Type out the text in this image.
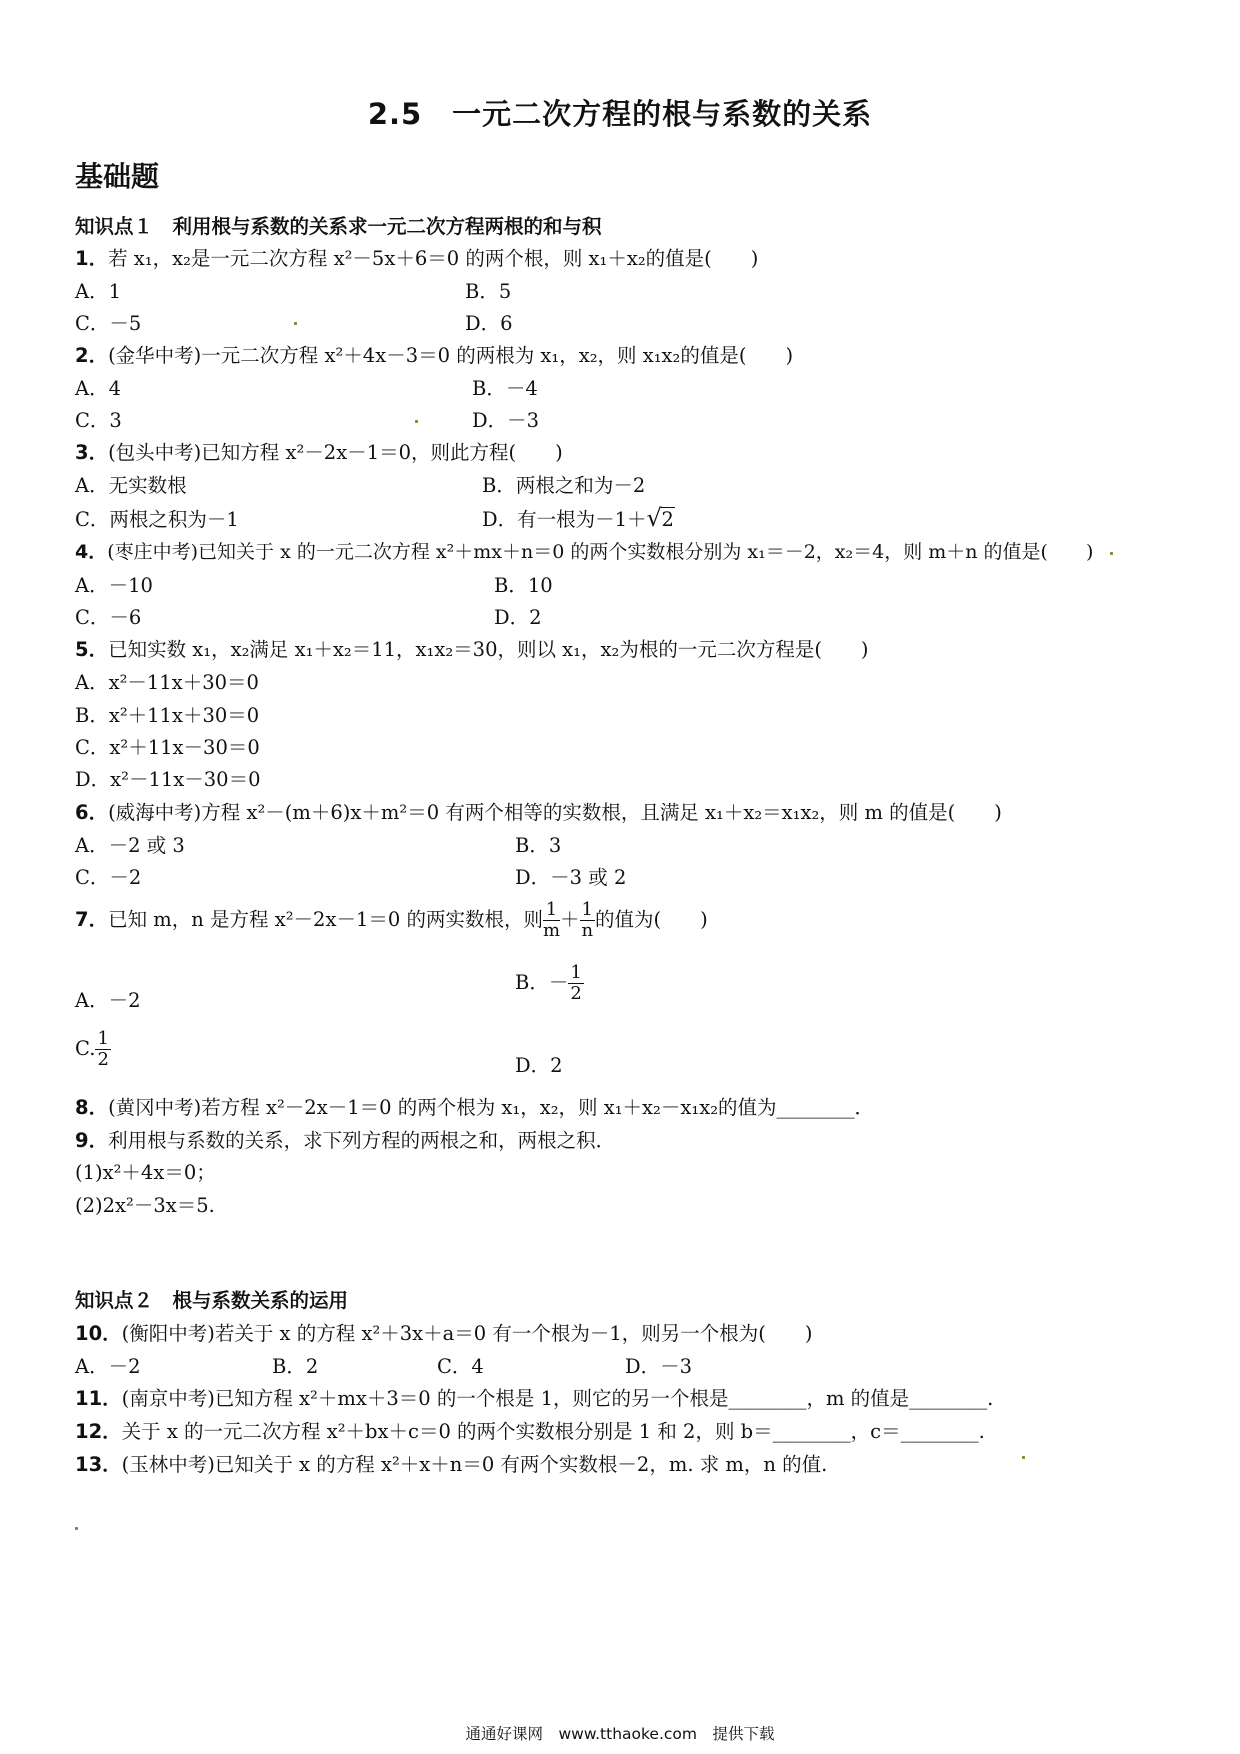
2.5　一元二次方程的根与系数的关系
基础题
知识点１　利用根与系数的关系求一元二次方程两根的和与积
1．若 x₁，x₂是一元二次方程 x²－5x＋6＝0 的两个根，则 x₁＋x₂的值是(　　)
A．1	B．5
C．－5	D．6
2．(金华中考)一元二次方程 x²＋4x－3＝0 的两根为 x₁，x₂，则 x₁x₂的值是(　　)
A．4	B．－4
C．3	D．－3
3．(包头中考)已知方程 x²－2x－1＝0，则此方程(　　)
A．无实数根	B．两根之和为－2
C．两根之积为－1	D．有一根为－1＋√ 2
4．(枣庄中考)已知关于 x 的一元二次方程 x²＋mx＋n＝0 的两个实数根分别为 x₁＝－2，x₂＝4，则 m＋n 的值是(　　)
A．－10	B．10
C．－6	D．2
5．已知实数 x₁，x₂满足 x₁＋x₂＝11，x₁x₂＝30，则以 x₁，x₂为根的一元二次方程是(　　)
A．x²－11x＋30＝0
B．x²＋11x＋30＝0
C．x²＋11x－30＝0
D．x²－11x－30＝0
6．(威海中考)方程 x²－(m＋6)x＋m²＝0 有两个相等的实数根，且满足 x₁＋x₂＝x₁x₂，则 m 的值是(　　)
A．－2 或 3	B．3
C．－2	D．－3 或 2
7．已知 m，n 是方程 x²－2x－1＝0 的两实数根，则 $\frac{1}{m} + \frac{1}{n}$ 的值为(　　)
A．－2
B．－ $\frac{1}{2}$
C. $\frac{1}{2}$	D．2
8．(黄冈中考)若方程 x²－2x－1＝0 的两个根为 x₁，x₂，则 x₁＋x₂－x₁x₂的值为________．
9．利用根与系数的关系，求下列方程的两根之和，两根之积．
(1)x²＋4x＝0；
(2)2x²－3x＝5.
知识点２　根与系数关系的运用
10．(衡阳中考)若关于 x 的方程 x²＋3x＋a＝0 有一个根为－1，则另一个根为(　　)
A．－2	B．2	C．4	D．－3
11．(南京中考)已知方程 x²＋mx＋3＝0 的一个根是 1，则它的另一个根是________，m 的值是________.
12．关于 x 的一元二次方程 x²＋bx＋c＝0 的两个实数根分别是 1 和 2，则 b＝________，c＝________.
13．(玉林中考)已知关于 x 的方程 x²＋x＋n＝0 有两个实数根－2，m. 求 m，n 的值.
通通好课网　www.tthaoke.com　提供下载
